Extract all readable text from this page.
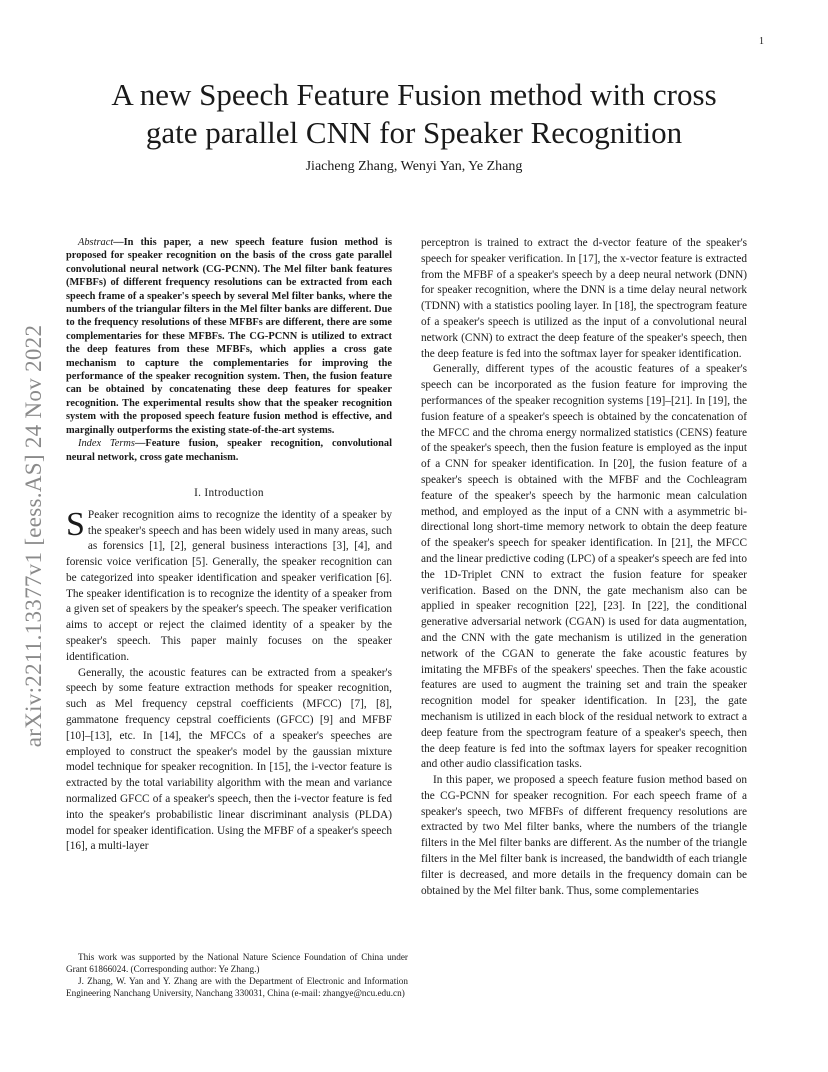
1
arXiv:2211.13377v1 [eess.AS] 24 Nov 2022
A new Speech Feature Fusion method with cross
gate parallel CNN for Speaker Recognition

Jiacheng Zhang, Wenyi Yan, Ye Zhang

Abstract—In this paper, a new speech feature fusion method is proposed for speaker recognition on the basis of the cross gate parallel convolutional neural network (CG-PCNN). The Mel filter bank features (MFBFs) of different frequency resolutions can be extracted from each speech frame of a speaker's speech by several Mel filter banks, where the numbers of the triangular filters in the Mel filter banks are different. Due to the frequency resolutions of these MFBFs are different, there are some complementaries for these MFBFs. The CG-PCNN is utilized to extract the deep features from these MFBFs, which applies a cross gate mechanism to capture the complementaries for improving the performance of the speaker recognition system. Then, the fusion feature can be obtained by concatenating these deep features for speaker recognition. The experimental results show that the speaker recognition system with the proposed speech feature fusion method is effective, and marginally outperforms the existing state-of-the-art systems.

Index Terms—Feature fusion, speaker recognition, convolutional neural network, cross gate mechanism.

I. Introduction

S Peaker recognition aims to recognize the identity of a speaker by the speaker's speech and has been widely used in many areas, such as forensics [1], [2], general business interactions [3], [4], and forensic voice verification [5]. Generally, the speaker recognition can be categorized into speaker identification and speaker verification [6]. The speaker identification is to recognize the identity of a speaker from a given set of speakers by the speaker's speech. The speaker verification aims to accept or reject the claimed identity of a speaker by the speaker's speech. This paper mainly focuses on the speaker identification.

Generally, the acoustic features can be extracted from a speaker's speech by some feature extraction methods for speaker recognition, such as Mel frequency cepstral coefficients (MFCC) [7], [8], gammatone frequency cepstral coefficients (GFCC) [9] and MFBF [10]–[13], etc. In [14], the MFCCs of a speaker's speeches are employed to construct the speaker's model by the gaussian mixture model technique for speaker recognition. In [15], the i-vector feature is extracted by the total variability algorithm with the mean and variance normalized GFCC of a speaker's speech, then the i-vector feature is fed into the speaker's probabilistic linear discriminant analysis (PLDA) model for speaker identification. Using the MFBF of a speaker's speech [16], a multi-layer

This work was supported by the National Nature Science Foundation of China under Grant 61866024. (Corresponding author: Ye Zhang.)

J. Zhang, W. Yan and Y. Zhang are with the Department of Electronic and Information Engineering Nanchang University, Nanchang 330031, China (e-mail: zhangye@ncu.edu.cn)

perceptron is trained to extract the d-vector feature of the speaker's speech for speaker verification. In [17], the x-vector feature is extracted from the MFBF of a speaker's speech by a deep neural network (DNN) for speaker recognition, where the DNN is a time delay neural network (TDNN) with a statistics pooling layer. In [18], the spectrogram feature of a speaker's speech is utilized as the input of a convolutional neural network (CNN) to extract the deep feature of the speaker's speech, then the deep feature is fed into the softmax layer for speaker identification.

Generally, different types of the acoustic features of a speaker's speech can be incorporated as the fusion feature for improving the performances of the speaker recognition systems [19]–[21]. In [19], the fusion feature of a speaker's speech is obtained by the concatenation of the MFCC and the chroma energy normalized statistics (CENS) feature of the speaker's speech, then the fusion feature is employed as the input of a CNN for speaker identification. In [20], the fusion feature of a speaker's speech is obtained with the MFBF and the Cochleagram feature of the speaker's speech by the harmonic mean calculation method, and employed as the input of a CNN with a asymmetric bi-directional long short-time memory network to obtain the deep feature of the speaker's speech for speaker identification. In [21], the MFCC and the linear predictive coding (LPC) of a speaker's speech are fed into the 1D-Triplet CNN to extract the fusion feature for speaker verification. Based on the DNN, the gate mechanism also can be applied in speaker recognition [22], [23]. In [22], the conditional generative adversarial network (CGAN) is used for data augmentation, and the CNN with the gate mechanism is utilized in the generation network of the CGAN to generate the fake acoustic features by imitating the MFBFs of the speakers' speeches. Then the fake acoustic features are used to augment the training set and train the speaker recognition model for speaker identification. In [23], the gate mechanism is utilized in each block of the residual network to extract a deep feature from the spectrogram feature of a speaker's speech, then the deep feature is fed into the softmax layers for speaker recognition and other audio classification tasks.

In this paper, we proposed a speech feature fusion method based on the CG-PCNN for speaker recognition. For each speech frame of a speaker's speech, two MFBFs of different frequency resolutions are extracted by two Mel filter banks, where the numbers of the triangle filters in the Mel filter banks are different. As the number of the triangle filters in the Mel filter bank is increased, the bandwidth of each triangle filter is decreased, and more details in the frequency domain can be obtained by the Mel filter bank. Thus, some complementaries
